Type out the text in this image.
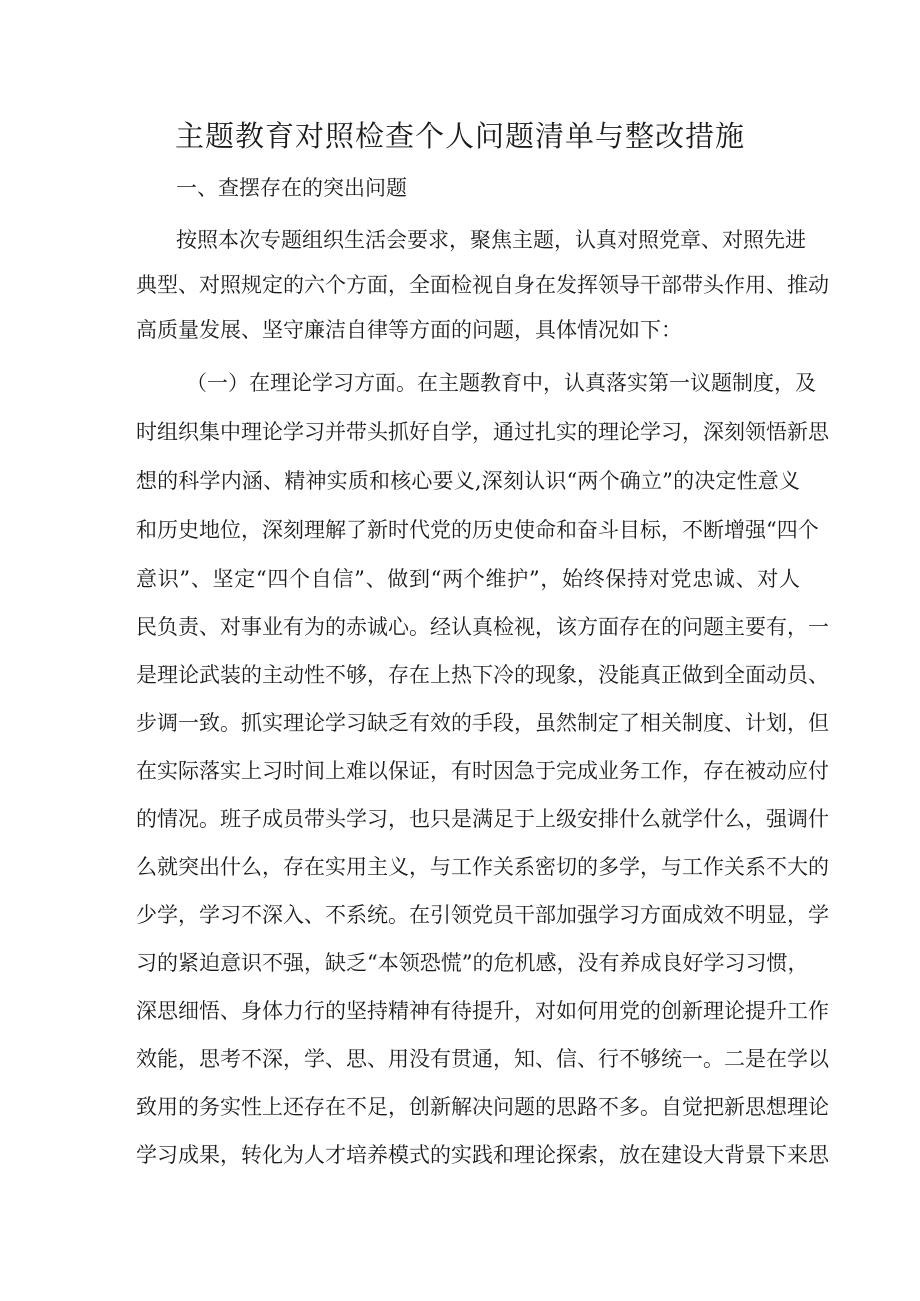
主题教育对照检查个人问题清单与整改措施
一、查摆存在的突出问题
按照本次专题组织生活会要求，聚焦主题，认真对照党章、对照先进
典型、对照规定的六个方面，全面检视自身在发挥领导干部带头作用、推动
高质量发展、坚守廉洁自律等方面的问题，具体情况如下：
（一）在理论学习方面。在主题教育中，认真落实第一议题制度，及
时组织集中理论学习并带头抓好自学，通过扎实的理论学习，深刻领悟新思
想的科学内涵、精神实质和核心要义,深刻认识“两个确立”的决定性意义
和历史地位，深刻理解了新时代党的历史使命和奋斗目标，不断增强“四个
意识”、坚定“四个自信”、做到“两个维护”，始终保持对党忠诚、对人
民负责、对事业有为的赤诚心。经认真检视，该方面存在的问题主要有，一
是理论武装的主动性不够，存在上热下冷的现象，没能真正做到全面动员、
步调一致。抓实理论学习缺乏有效的手段，虽然制定了相关制度、计划，但
在实际落实上习时间上难以保证，有时因急于完成业务工作，存在被动应付
的情况。班子成员带头学习，也只是满足于上级安排什么就学什么，强调什
么就突出什么，存在实用主义，与工作关系密切的多学，与工作关系不大的
少学，学习不深入、不系统。在引领党员干部加强学习方面成效不明显，学
习的紧迫意识不强，缺乏“本领恐慌”的危机感，没有养成良好学习习惯，
深思细悟、身体力行的坚持精神有待提升，对如何用党的创新理论提升工作
效能，思考不深，学、思、用没有贯通，知、信、行不够统一。二是在学以
致用的务实性上还存在不足，创新解决问题的思路不多。自觉把新思想理论
学习成果，转化为人才培养模式的实践和理论探索，放在建设大背景下来思
